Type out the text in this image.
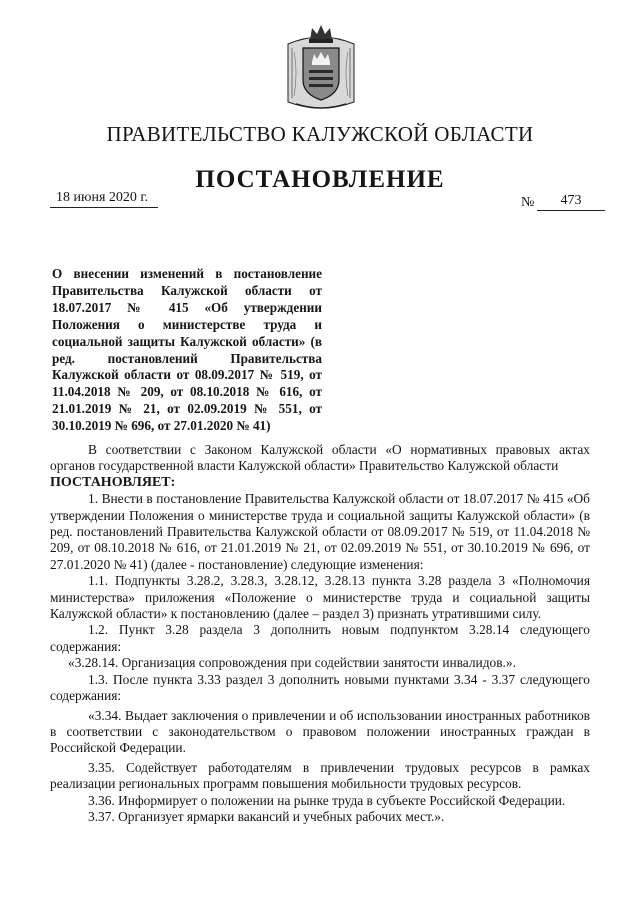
ПРАВИТЕЛЬСТВО КАЛУЖСКОЙ ОБЛАСТИ
ПОСТАНОВЛЕНИЕ
18 июня 2020 г.	№	473

О внесении изменений в постановление Правительства Калужской области от 18.07.2017 № 415 «Об утверждении Положения о министерстве труда и социальной защиты Калужской области» (в ред. постановлений Правительства Калужской области от 08.09.2017 № 519, от 11.04.2018 № 209, от 08.10.2018 № 616, от 21.01.2019 № 21, от 02.09.2019 № 551, от 30.10.2019 № 696, от 27.01.2020 № 41)

В соответствии с Законом Калужской области «О нормативных правовых актах органов государственной власти Калужской области» Правительство Калужской области

ПОСТАНОВЛЯЕТ:

1. Внести в постановление Правительства Калужской области от 18.07.2017 № 415 «Об утверждении Положения о министерстве труда и социальной защиты Калужской области» (в ред. постановлений Правительства Калужской области от 08.09.2017 № 519, от 11.04.2018 № 209, от 08.10.2018 № 616, от 21.01.2019 № 21, от 02.09.2019 № 551, от 30.10.2019 № 696, от 27.01.2020 № 41) (далее - постановление) следующие изменения:

1.1. Подпункты 3.28.2, 3.28.3, 3.28.12, 3.28.13 пункта 3.28 раздела 3 «Полномочия министерства» приложения «Положение о министерстве труда и социальной защиты Калужской области» к постановлению (далее – раздел 3) признать утратившими силу.

1.2. Пункт 3.28 раздела 3 дополнить новым подпунктом 3.28.14 следующего содержания:

«3.28.14. Организация сопровождения при содействии занятости инвалидов.».

1.3. После пункта 3.33 раздел 3 дополнить новыми пунктами 3.34 - 3.37 следующего содержания:

«3.34. Выдает заключения о привлечении и об использовании иностранных работников в соответствии с законодательством о правовом положении иностранных граждан в Российской Федерации.

3.35. Содействует работодателям в привлечении трудовых ресурсов в рамках реализации региональных программ повышения мобильности трудовых ресурсов.

3.36. Информирует о положении на рынке труда в субъекте Российской Федерации.

3.37. Организует ярмарки вакансий и учебных рабочих мест.».
